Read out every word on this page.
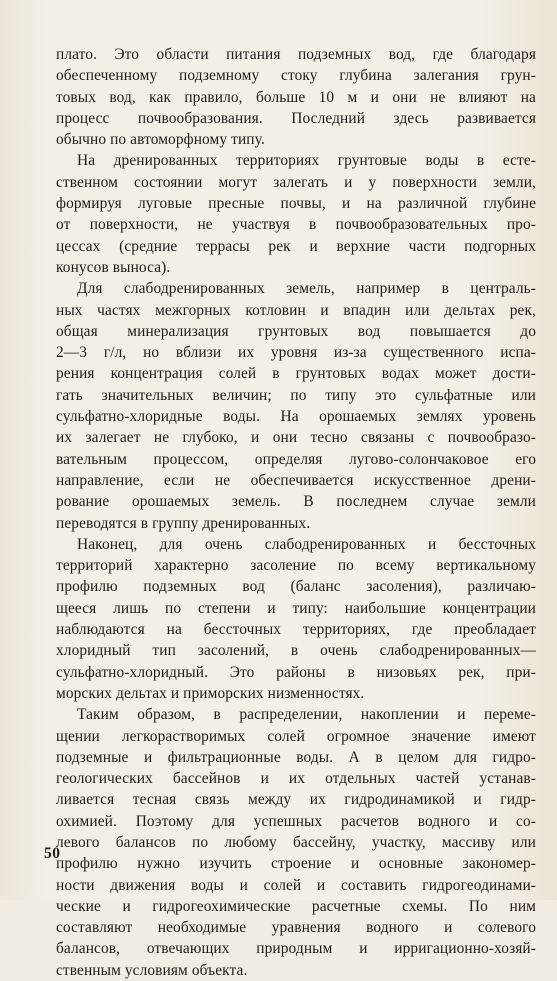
плато. Это области питания подземных вод, где благодаря
обеспеченному подземному стоку глубина залегания грун-
товых вод, как правило, больше 10 м и они не влияют на
процесс почвообразования. Последний здесь развивается
обычно по автоморфному типу.
На дренированных территориях грунтовые воды в есте-
ственном состоянии могут залегать и у поверхности земли,
формируя луговые пресные почвы, и на различной глубине
от поверхности, не участвуя в почвообразовательных про-
цессах (средние террасы рек и верхние части подгорных
конусов выноса).
Для слабодренированных земель, например в централь-
ных частях межгорных котловин и впадин или дельтах рек,
общая минерализация грунтовых вод повышается до
2—3 г/л, но вблизи их уровня из-за существенного испа-
рения концентрация солей в грунтовых водах может дости-
гать значительных величин; по типу это сульфатные или
сульфатно-хлоридные воды. На орошаемых землях уровень
их залегает не глубоко, и они тесно связаны с почвообразо-
вательным процессом, определяя лугово-солончаковое его
направление, если не обеспечивается искусственное дрени-
рование орошаемых земель. В последнем случае земли
переводятся в группу дренированных.
Наконец, для очень слабодренированных и бессточных
территорий характерно засоление по всему вертикальному
профилю подземных вод (баланс засоления), различаю-
щееся лишь по степени и типу: наибольшие концентрации
наблюдаются на бессточных территориях, где преобладает
хлоридный тип засолений, в очень слабодренированных—
сульфатно-хлоридный. Это районы в низовьях рек, при-
морских дельтах и приморских низменностях.
Таким образом, в распределении, накоплении и переме-
щении легкорастворимых солей огромное значение имеют
подземные и фильтрационные воды. А в целом для гидро-
геологических бассейнов и их отдельных частей устанав-
ливается тесная связь между их гидродинамикой и гидр-
охимией. Поэтому для успешных расчетов водного и со-
левого балансов по любому бассейну, участку, массиву или
профилю нужно изучить строение и основные закономер-
ности движения воды и солей и составить гидрогеодинами-
ческие и гидрогеохимические расчетные схемы. По ним
составляют необходимые уравнения водного и солевого
балансов, отвечающих природным и ирригационно-хозяй-
ственным условиям объекта.
50
